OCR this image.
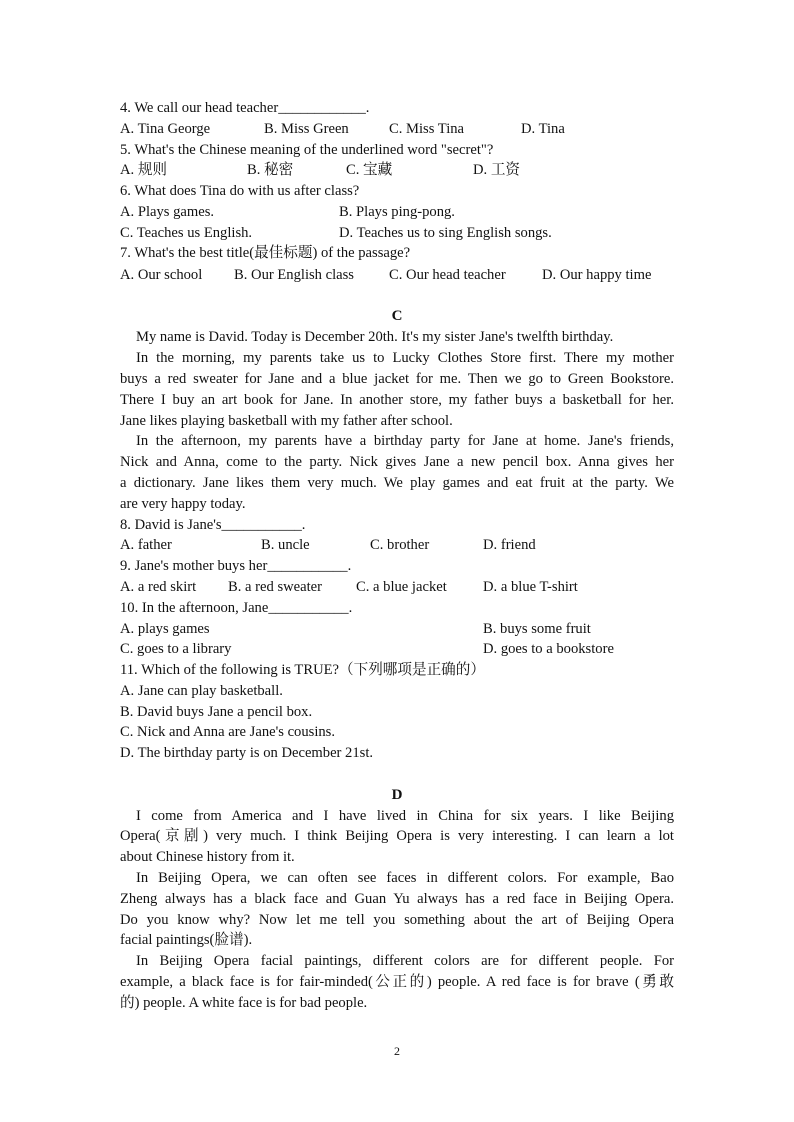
4. We call our head teacher____________.
A. Tina George	B. Miss Green	C. Miss Tina	D. Tina
5. What's the Chinese meaning of the underlined word "secret"?
A. 规则	B. 秘密	C. 宝藏	D. 工资
6. What does Tina do with us after class?
A. Plays games.	B. Plays ping-pong.
C. Teaches us English.	D. Teaches us to sing English songs.
7. What's the best title(最佳标题) of the passage?
A. Our school B. Our English class C. Our head teacher D. Our happy time
C
My name is David. Today is December 20th. It's my sister Jane's twelfth birthday.
In the morning, my parents take us to Lucky Clothes Store first. There my mother
buys a red sweater for Jane and a blue jacket for me. Then we go to Green Bookstore.
There I buy an art book for Jane. In another store, my father buys a basketball for her.
Jane likes playing basketball with my father after school.
In the afternoon, my parents have a birthday party for Jane at home. Jane's friends,
Nick and Anna, come to the party. Nick gives Jane a new pencil box. Anna gives her
a dictionary. Jane likes them very much. We play games and eat fruit at the party. We
are very happy today.
8. David is Jane's___________.
A. father	B. uncle	C. brother	D. friend
9. Jane's mother buys her___________.
A. a red skirt B. a red sweater C. a blue jacket D. a blue T-shirt
10. In the afternoon, Jane___________.
A. plays games	B. buys some fruit
C. goes to a library	D. goes to a bookstore
11. Which of the following is TRUE?（下列哪项是正确的）
A. Jane can play basketball.
B. David buys Jane a pencil box.
C. Nick and Anna are Jane's cousins.
D. The birthday party is on December 21st.
D
I come from America and I have lived in China for six years. I like Beijing
Opera(京剧) very much. I think Beijing Opera is very interesting. I can learn a lot
about Chinese history from it.
In Beijing Opera, we can often see faces in different colors. For example, Bao
Zheng always has a black face and Guan Yu always has a red face in Beijing Opera.
Do you know why? Now let me tell you something about the art of Beijing Opera
facial paintings(脸谱).
In Beijing Opera facial paintings, different colors are for different people. For
example, a black face is for fair-minded(公正的) people. A red face is for brave (勇敢
的) people. A white face is for bad people.
2
